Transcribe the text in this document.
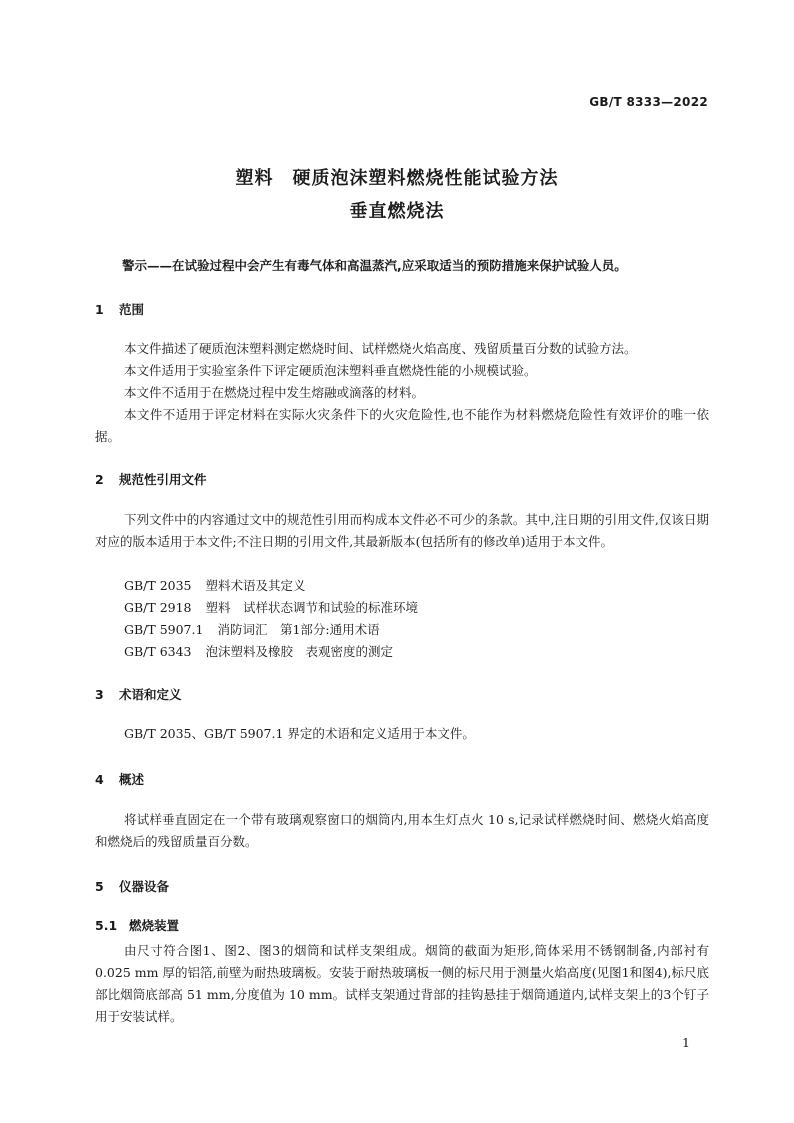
GB/T 8333—2022
塑料　硬质泡沫塑料燃烧性能试验方法
垂直燃烧法
警示——在试验过程中会产生有毒气体和高温蒸汽,应采取适当的预防措施来保护试验人员。
1 范围

本文件描述了硬质泡沫塑料测定燃烧时间、试样燃烧火焰高度、残留质量百分数的试验方法。

本文件适用于实验室条件下评定硬质泡沫塑料垂直燃烧性能的小规模试验。

本文件不适用于在燃烧过程中发生熔融或滴落的材料。

本文件不适用于评定材料在实际火灾条件下的火灾危险性,也不能作为材料燃烧危险性有效评价的唯一依据。

2 规范性引用文件

下列文件中的内容通过文中的规范性引用而构成本文件必不可少的条款。其中,注日期的引用文件,仅该日期对应的版本适用于本文件;不注日期的引用文件,其最新版本(包括所有的修改单)适用于本文件。

GB/T 2035 塑料术语及其定义
GB/T 2918 塑料　试样状态调节和试验的标准环境
GB/T 5907.1 消防词汇　第1部分:通用术语
GB/T 6343 泡沫塑料及橡胶　表观密度的测定
3 术语和定义

GB/T 2035、GB/T 5907.1 界定的术语和定义适用于本文件。

4 概述

将试样垂直固定在一个带有玻璃观察窗口的烟筒内,用本生灯点火 10 s,记录试样燃烧时间、燃烧火焰高度和燃烧后的残留质量百分数。

5 仪器设备
5.1 燃烧装置

由尺寸符合图1、图2、图3的烟筒和试样支架组成。烟筒的截面为矩形,筒体采用不锈钢制备,内部衬有 0.025 mm 厚的铝箔,前壁为耐热玻璃板。安装于耐热玻璃板一侧的标尺用于测量火焰高度(见图1和图4),标尺底部比烟筒底部高 51 mm,分度值为 10 mm。试样支架通过背部的挂钩悬挂于烟筒通道内,试样支架上的3个钉子用于安装试样。

1
